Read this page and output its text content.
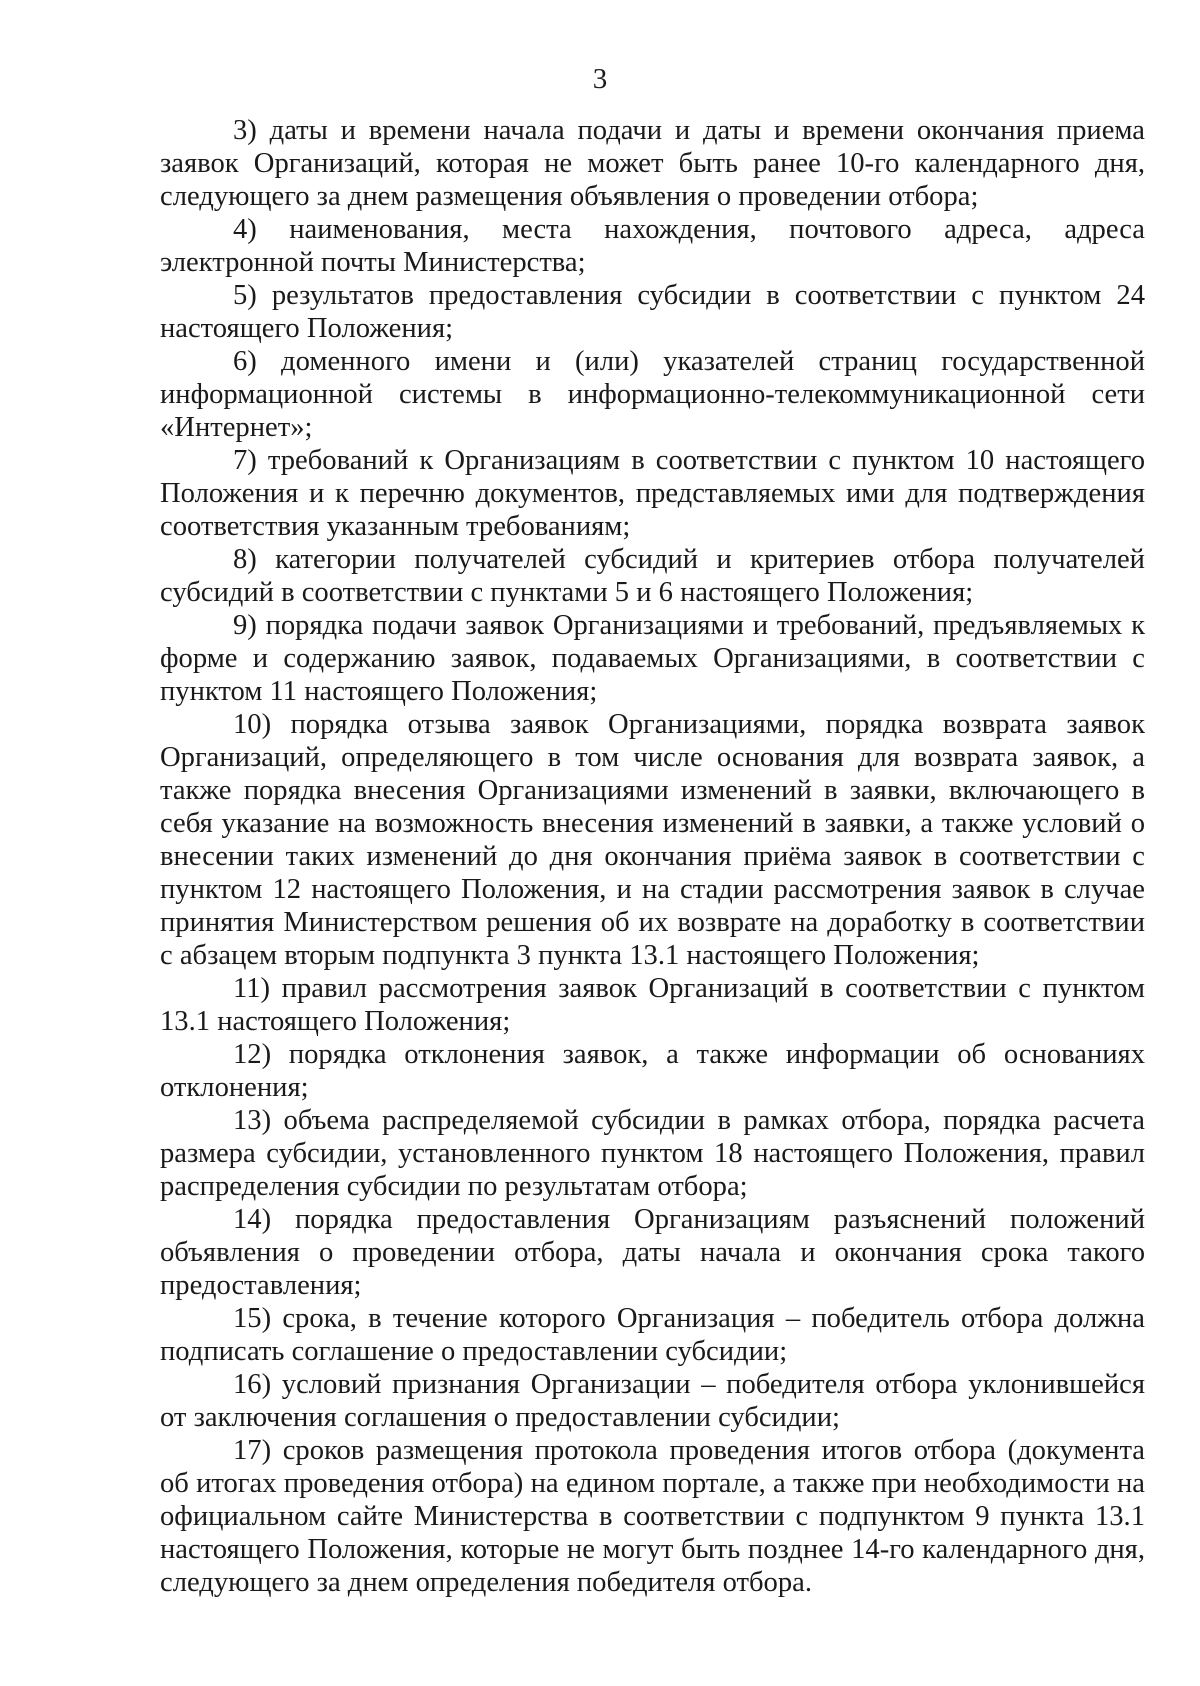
3

3) даты и времени начала подачи и даты и времени окончания приема заявок Организаций, которая не может быть ранее 10-го календарного дня, следующего за днем размещения объявления о проведении отбора;

4) наименования, места нахождения, почтового адреса, адреса электронной почты Министерства;

5) результатов предоставления субсидии в соответствии с пунктом 24 настоящего Положения;

6) доменного имени и (или) указателей страниц государственной информационной системы в информационно-телекоммуникационной сети «Интернет»;

7) требований к Организациям в соответствии с пунктом 10 настоящего Положения и к перечню документов, представляемых ими для подтверждения соответствия указанным требованиям;

8) категории получателей субсидий и критериев отбора получателей субсидий в соответствии с пунктами 5 и 6 настоящего Положения;

9) порядка подачи заявок Организациями и требований, предъявляемых к форме и содержанию заявок, подаваемых Организациями, в соответствии с пунктом 11 настоящего Положения;

10) порядка отзыва заявок Организациями, порядка возврата заявок Организаций, определяющего в том числе основания для возврата заявок, а также порядка внесения Организациями изменений в заявки, включающего в себя указание на возможность внесения изменений в заявки, а также условий о внесении таких изменений до дня окончания приёма заявок в соответствии с пунктом 12 настоящего Положения, и на стадии рассмотрения заявок в случае принятия Министерством решения об их возврате на доработку в соответствии с абзацем вторым подпункта 3 пункта 13.1 настоящего Положения;

11) правил рассмотрения заявок Организаций в соответствии с пунктом 13.1 настоящего Положения;

12) порядка отклонения заявок, а также информации об основаниях отклонения;

13) объема распределяемой субсидии в рамках отбора, порядка расчета размера субсидии, установленного пунктом 18 настоящего Положения, правил распределения субсидии по результатам отбора;

14) порядка предоставления Организациям разъяснений положений объявления о проведении отбора, даты начала и окончания срока такого предоставления;

15) срока, в течение которого Организация – победитель отбора должна подписать соглашение о предоставлении субсидии;

16) условий признания Организации – победителя отбора уклонившейся от заключения соглашения о предоставлении субсидии;

17) сроков размещения протокола проведения итогов отбора (документа об итогах проведения отбора) на едином портале, а также при необходимости на официальном сайте Министерства в соответствии с подпунктом 9 пункта 13.1 настоящего Положения, которые не могут быть позднее 14-го календарного дня, следующего за днем определения победителя отбора.
